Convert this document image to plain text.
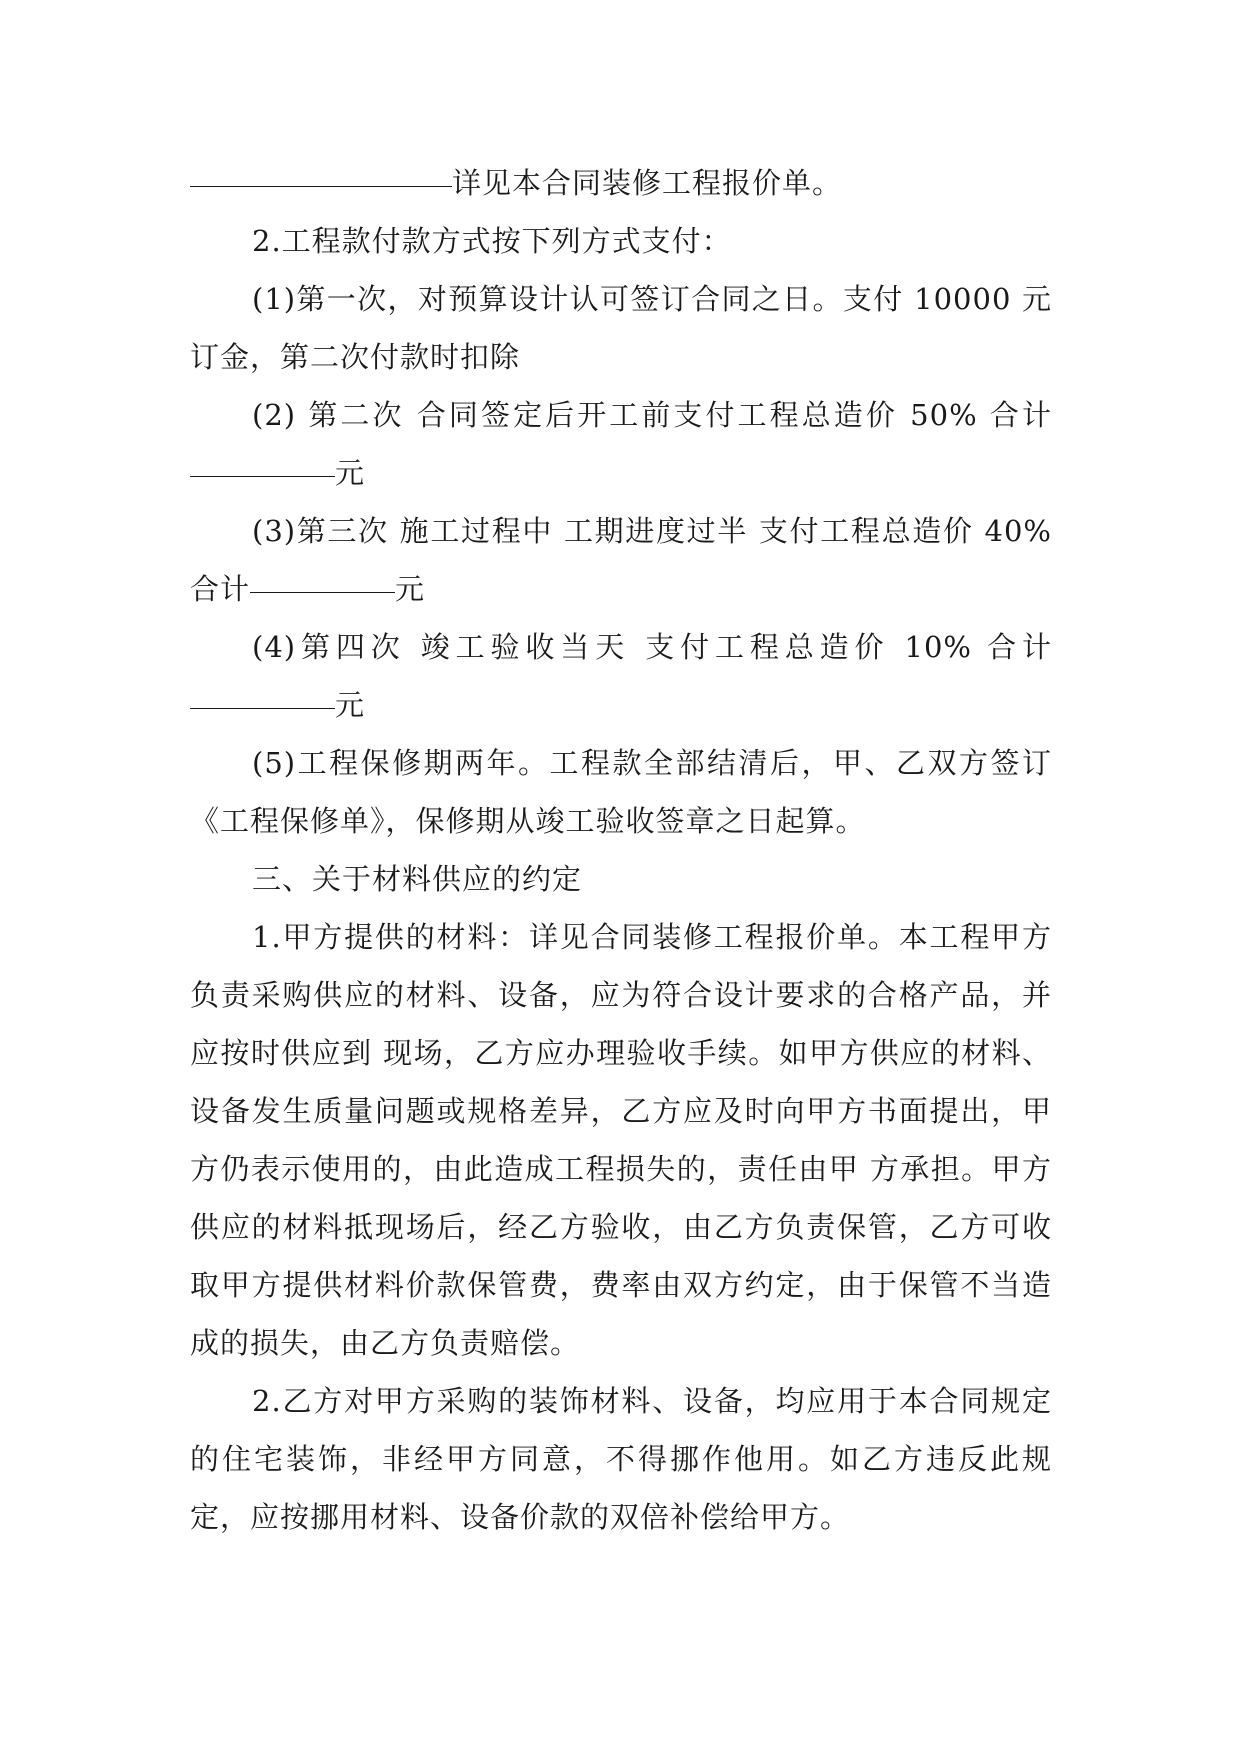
详见本合同装修工程报价单。

2.工程款付款方式按下列方式支付：

(1)第一次，对预算设计认可签订合同之日。支付 10000 元订金，第二次付款时扣除

(2) 第二次 合同签定后开工前支付工程总造价 50% 合计元

(3)第三次 施工过程中 工期进度过半 支付工程总造价 40% 合计	元

(4)第四次 竣工验收当天 支付工程总造价 10% 合计元

(5)工程保修期两年。工程款全部结清后，甲、乙双方签订《工程保修单》，保修期从竣工验收签章之日起算。

三、关于材料供应的约定

1.甲方提供的材料：详见合同装修工程报价单。本工程甲方负责采购供应的材料、设备，应为符合设计要求的合格产品，并应按时供应到 现场，乙方应办理验收手续。如甲方供应的材料、设备发生质量问题或规格差异，乙方应及时向甲方书面提出，甲方仍表示使用的，由此造成工程损失的，责任由甲 方承担。甲方供应的材料抵现场后，经乙方验收，由乙方负责保管，乙方可收取甲方提供材料价款保管费，费率由双方约定，由于保管不当造成的损失，由乙方负责赔偿。

2.乙方对甲方采购的装饰材料、设备，均应用于本合同规定的住宅装饰，非经甲方同意，不得挪作他用。如乙方违反此规定，应按挪用材料、设备价款的双倍补偿给甲方。
